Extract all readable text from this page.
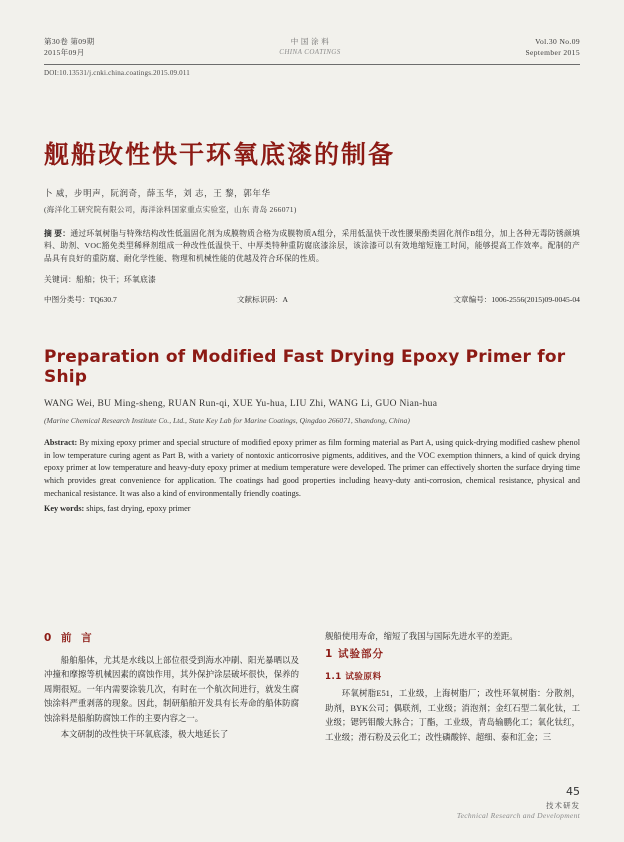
第30卷 第09期
2015年09月
中 国 涂 料
CHINA COATINGS
Vol.30 No.09
September 2015
DOI:10.13531/j.cnki.china.coatings.2015.09.011
舰船改性快干环氧底漆的制备
卜 威，步明声，阮润奇，薛玉华，刘 志，王 黎，郭年华
(海洋化工研究院有限公司，海洋涂料国家重点实验室，山东 青岛 266071)
摘 要：通过环氧树脂与特殊结构改性低温固化剂为成膜物质合格为成膜物质A组分，采用低温快干改性腰果酚类固化剂作B组分，加上各种无毒防锈颜填料、助剂、VOC豁免类型稀释剂组成一种改性低温快干、中厚类特种重防腐底漆涂层，该涂漆可以有效地缩短施工时间，能够提高工作效率。配制的产品具有良好的重防腐、耐化学性能、物理和机械性能的优越及符合环保的性质。
关键词：船舶；快干；环氧底漆
中图分类号：TQ630.7	文献标识码：A	文章编号：1006-2556(2015)09-0045-04
Preparation of Modified Fast Drying Epoxy Primer for Ship
WANG Wei, BU Ming-sheng, RUAN Run-qi, XUE Yu-hua, LIU Zhi, WANG Li, GUO Nian-hua
(Marine Chemical Research Institute Co., Ltd., State Key Lab for Marine Coatings, Qingdao 266071, Shandong, China)
Abstract: By mixing epoxy primer and special structure of modified epoxy primer as film forming material as Part A, using quick-drying modified cashew phenol in low temperature curing agent as Part B, with a variety of nontoxic anticorrosive pigments, additives, and the VOC exemption thinners, a kind of quick drying epoxy primer at low temperature and heavy-duty epoxy primer at medium temperature were developed. The primer can effectively shorten the surface drying time which provides great convenience for application. The coatings had good properties including heavy-duty anti-corrosion, chemical resistance, physical and mechanical resistance. It was also a kind of environmentally friendly coatings.
Key words: ships, fast drying, epoxy primer
0 前 言

船舶船体，尤其是水线以上部位很受到海水冲刷、阳光暴晒以及冲撞和摩擦等机械因素的腐蚀作用，其外保护涂层破坏很快，保养的周期很短。一年内需要涂装几次，有时在一个航次间进行，就发生腐蚀涂料严重剥落的现象。因此，制研船舶开发具有长寿命的船体防腐蚀涂料是船舶防腐蚀工作的主要内容之一。

本文研制的改性快干环氧底漆，极大地延长了

舰船使用寿命，缩短了我国与国际先进水平的差距。

1 试验部分
1.1 试验原料

环氧树脂E51，工业级，上海树脂厂；改性环氧树脂：分散剂，助剂，BYK公司；偶联剂，工业级；消泡剂；金红石型二氧化钛，工业级；锶钙钼酸大脉合；丁酯，工业级，青岛输鹏化工；氧化钛红，工业级；滑石粉及云化工；改性磷酸锌、超细、泰和汇金；三

45
技术研发
Technical Research and Development
